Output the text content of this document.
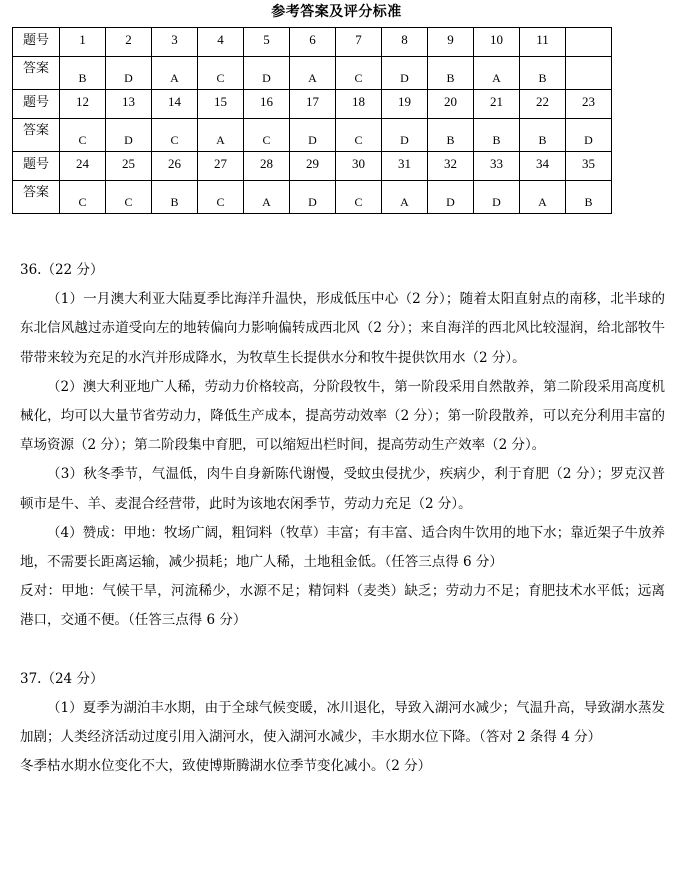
参考答案及评分标准
题号	1	2	3	4	5	6	7	8	9	10	11	
答案	B	D	A	C	D	A	C	D	B	A	B	
题号	12	13	14	15	16	17	18	19	20	21	22	23
答案	C	D	C	A	C	D	C	D	B	B	B	D
题号	24	25	26	27	28	29	30	31	32	33	34	35
答案	C	C	B	C	A	D	C	A	D	D	A	B

36.（22 分）

（1）一月澳大利亚大陆夏季比海洋升温快，形成低压中心（2 分）；随着太阳直射点的南移，北半球的东北信风越过赤道受向左的地转偏向力影响偏转成西北风（2 分）；来自海洋的西北风比较湿润，给北部牧牛带带来较为充足的水汽并形成降水，为牧草生长提供水分和牧牛提供饮用水（2 分）。

（2）澳大利亚地广人稀，劳动力价格较高，分阶段牧牛，第一阶段采用自然散养，第二阶段采用高度机械化，均可以大量节省劳动力，降低生产成本，提高劳动效率（2 分）；第一阶段散养，可以充分利用丰富的草场资源（2 分）；第二阶段集中育肥，可以缩短出栏时间，提高劳动生产效率（2 分）。

（3）秋冬季节，气温低，肉牛自身新陈代谢慢，受蚊虫侵扰少，疾病少，利于育肥（2 分）；罗克汉普顿市是牛、羊、麦混合经营带，此时为该地农闲季节，劳动力充足（2 分）。

（4）赞成：甲地：牧场广阔，粗饲料（牧草）丰富；有丰富、适合肉牛饮用的地下水；靠近架子牛放养地，不需要长距离运输，减少损耗；地广人稀，土地租金低。（任答三点得 6 分）

反对：甲地：气候干旱，河流稀少，水源不足；精饲料（麦类）缺乏；劳动力不足；育肥技术水平低；远离港口，交通不便。（任答三点得 6 分）

37.（24 分）

（1）夏季为湖泊丰水期，由于全球气候变暖，冰川退化，导致入湖河水减少；气温升高，导致湖水蒸发加剧；人类经济活动过度引用入湖河水，使入湖河水减少，丰水期水位下降。（答对 2 条得 4 分）

冬季枯水期水位变化不大，致使博斯腾湖水位季节变化减小。（2 分）
